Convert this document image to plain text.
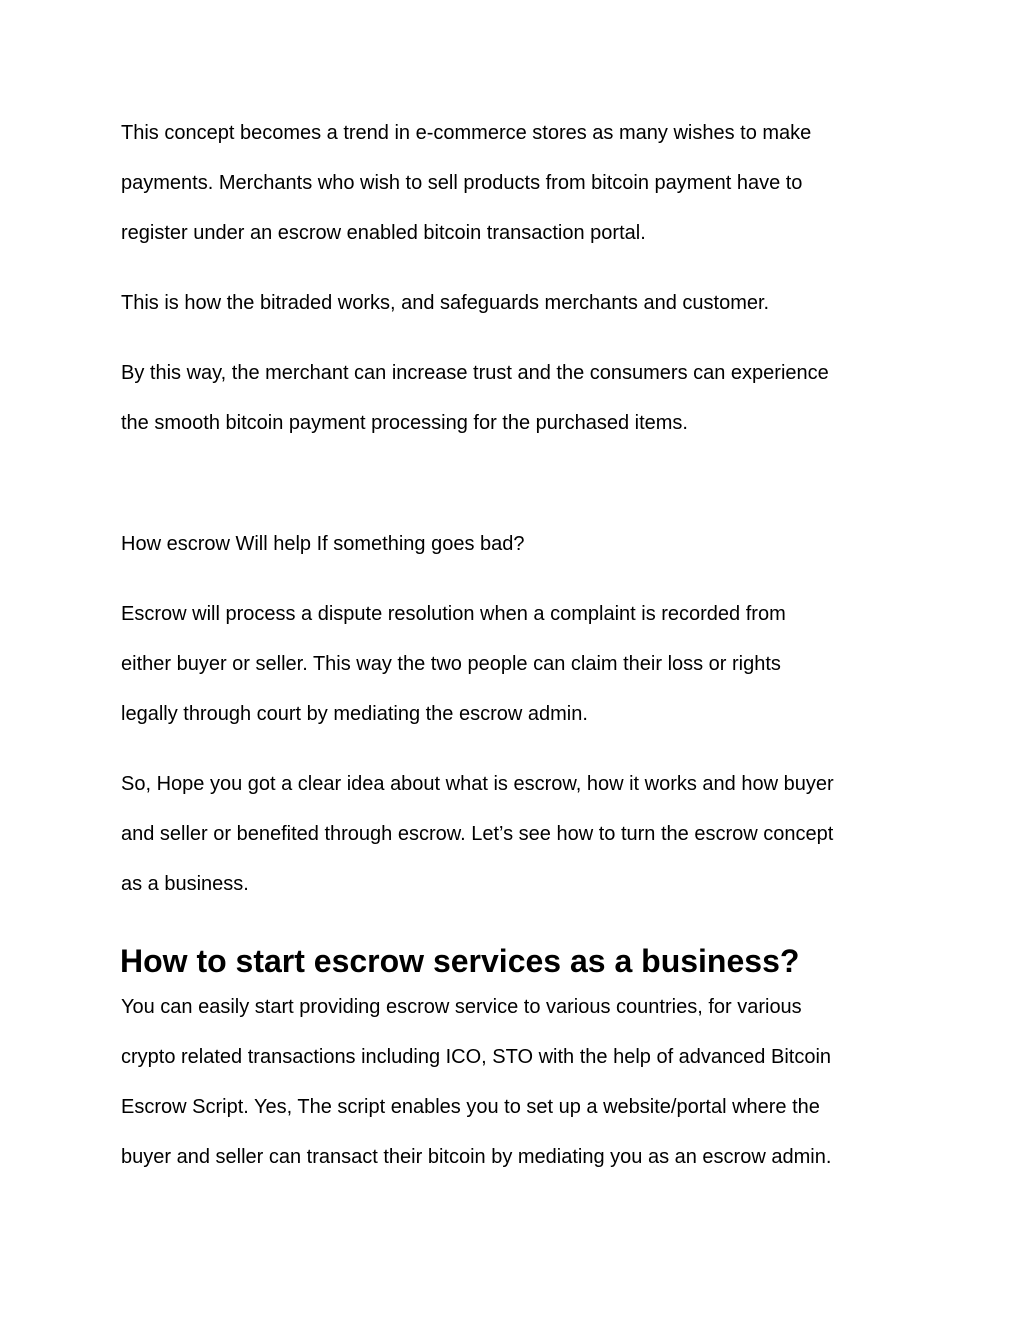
This concept becomes a trend in e-commerce stores as many wishes to make

payments. Merchants who wish to sell products from bitcoin payment have to

register under an escrow enabled bitcoin transaction portal.

This is how the bitraded works, and safeguards merchants and customer.

By this way, the merchant can increase trust and the consumers can experience

the smooth bitcoin payment processing for the purchased items.

How escrow Will help If something goes bad?

Escrow will process a dispute resolution when a complaint is recorded from

either buyer or seller. This way the two people can claim their loss or rights

legally through court by mediating the escrow admin.

So, Hope you got a clear idea about what is escrow, how it works and how buyer

and seller or benefited through escrow. Let’s see how to turn the escrow concept

as a business.

How to start escrow services as a business?

You can easily start providing escrow service to various countries, for various

crypto related transactions including ICO, STO with the help of advanced Bitcoin

Escrow Script. Yes, The script enables you to set up a website/portal where the

buyer and seller can transact their bitcoin by mediating you as an escrow admin.
